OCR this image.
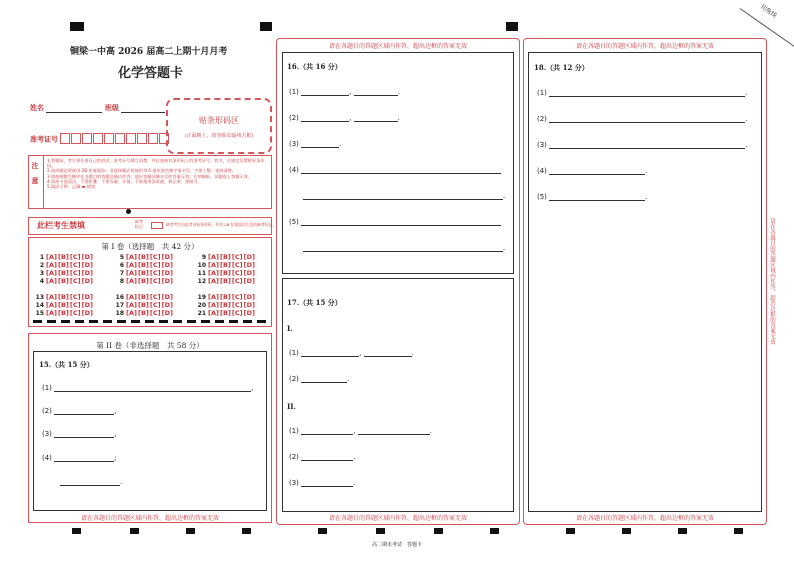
切角线
铜梁一中高 2026 届高二上期十月月考
化学答题卡
姓名	班级
准考证号
贴条形码区
(正面朝上，切勿贴出虚线方框)
注意
1.答题前，考生须先将自己的姓名、准考证号填写清楚，并认真核对条形码上的准考证号、姓名，在规定位置贴好条形码。
2.选择题必须使用 2B 铅笔填涂；非选择题必须使用 0.5 毫米黑色签字笔书写，字体工整、笔迹清楚。
3.请按照题号顺序在各题目的答题区域内作答，超出答题区域书写的答案无效；在草稿纸、试题卷上答题无效。
4.保持卡面清洁，不要折叠、不要弄破、弄皱，不准使用涂改液、修正带、刮纸刀。
5.填涂示例：正确 ▬ 错误
此栏考生禁填	缺考标记	缺考考生由监考员贴条形码，并用 2B 铅笔填涂左边的缺考标记。
第 I 卷（选择题　共 42 分）
1 [A][B][C][D]
2 [A][B][C][D]
3 [A][B][C][D]
4 [A][B][C][D]
5 [A][B][C][D]
6 [A][B][C][D]
7 [A][B][C][D]
8 [A][B][C][D]
9 [A][B][C][D]
10 [A][B][C][D]
11 [A][B][C][D]
12 [A][B][C][D]
13 [A][B][C][D]
14 [A][B][C][D]
15 [A][B][C][D]
16 [A][B][C][D]
17 [A][B][C][D]
18 [A][B][C][D]
19 [A][B][C][D]
20 [A][B][C][D]
21 [A][B][C][D]
第 II 卷（非选择题　共 58 分）
15.（共 15 分）
(1)	,
(2)	,
(3)	,
(4)	;
.
请在各题目的答题区域内作答，超出边框的答案无效
请在各题目的答题区域内作答，超出边框的答案无效
16.（共 16 分）
(1)	,	.
(2)	,	.
(3)	.
(4)
.
(5)
.
17.（共 15 分）
I.
(1)	,	.
(2)	.
II.
(1)	,	.
(2)	.
(3)	.
请在各题目的答题区域内作答，超出边框的答案无效
请在各题目的答题区域内作答，超出边框的答案无效
18.（共 12 分）
(1)	.
(2)	.
(3)	.
(4)	.
(5)	.
请在各题目的答题区域内作答，超出边框的答案无效
请在各题目的答题区域内作答，超出边框的答案无效
高二期末考试　答题卡
